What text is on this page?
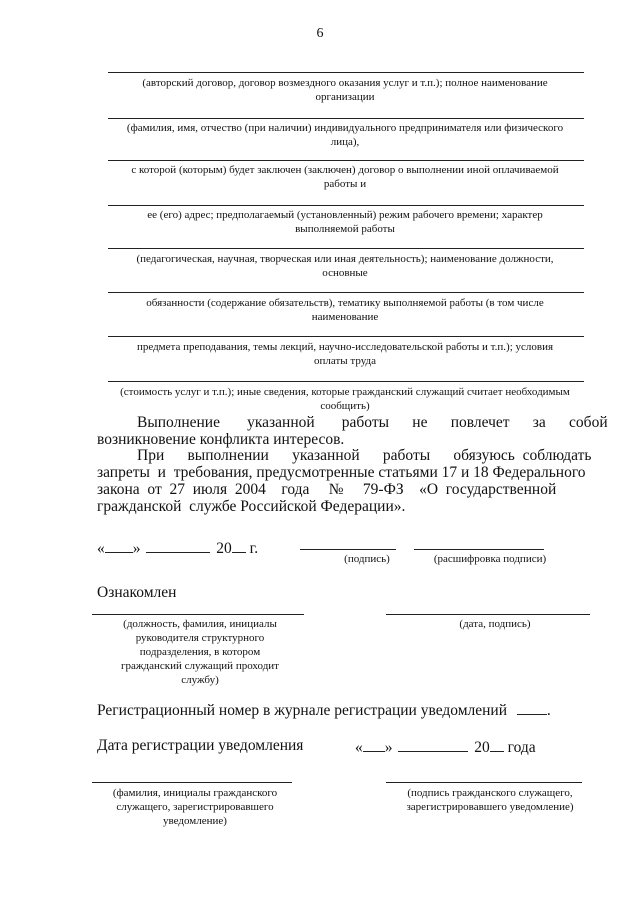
6
(авторский договор, договор возмездного оказания услуг и т.п.); полное наименование
организации
(фамилия, имя, отчество (при наличии) индивидуального предпринимателя или физического
лица),
с которой (которым) будет заключен (заключен) договор о выполнении иной оплачиваемой
работы и
ее (его) адрес; предполагаемый (установленный) режим рабочего времени; характер
выполняемой работы
(педагогическая, научная, творческая или иная деятельность); наименование должности,
основные
обязанности (содержание обязательств), тематику выполняемой работы (в том числе
наименование
предмета преподавания, темы лекций, научно-исследовательской работы и т.п.); условия
оплаты труда
(стоимость услуг и т.п.); иные сведения, которые гражданский служащий считает необходимым
сообщить)
Выполнение       указанной       работы      не      повлечет      за      собой
возникновение конфликта интересов.
При      выполнении      указанной      работы      обязуюсь  соблюдать
запреты  и  требования, предусмотренные статьями 17 и 18 Федерального
закона  от  27  июля  2004    года     №     79-ФЗ    «О  государственной
гражданской  службе Российской Федерации».
« »	20 г.
(подпись)	(расшифровка подписи)
Ознакомлен
(должность, фамилия, инициалы
руководителя структурного
подразделения, в котором
гражданский служащий проходит
службу)
(дата, подпись)
Регистрационный номер в журнале регистрации уведомлений	.
Дата регистрации уведомления	« »	20 года
(фамилия, инициалы гражданского
служащего, зарегистрировавшего
уведомление)
(подпись гражданского служащего,
зарегистрировавшего уведомление)
